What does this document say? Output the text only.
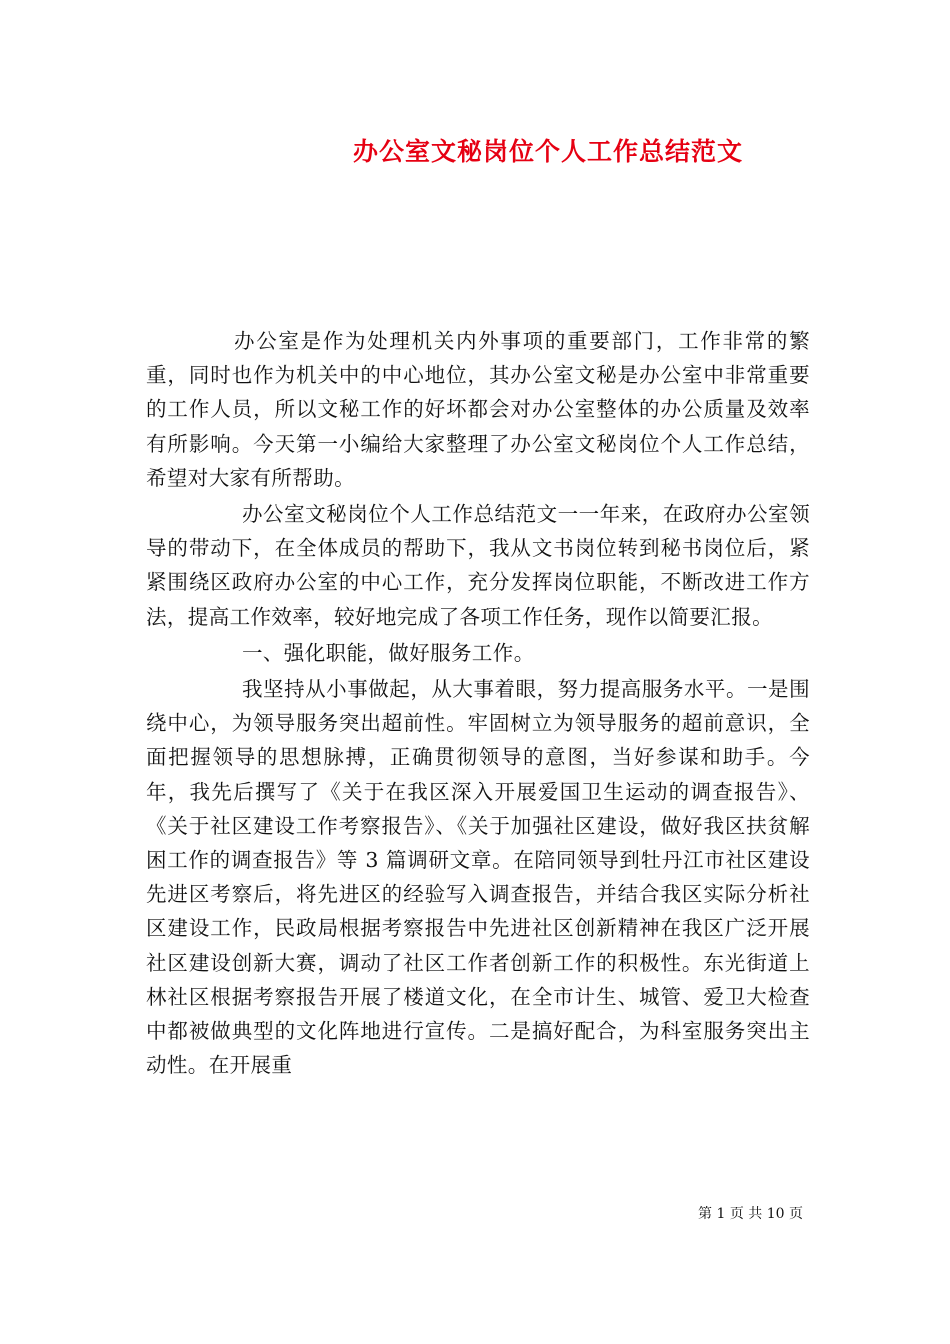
办公室文秘岗位个人工作总结范文

办公室是作为处理机关内外事项的重要部门，工作非常的繁重，同时也作为机关中的中心地位，其办公室文秘是办公室中非常重要的工作人员，所以文秘工作的好坏都会对办公室整体的办公质量及效率有所影响。今天第一小编给大家整理了办公室文秘岗位个人工作总结，希望对大家有所帮助。

办公室文秘岗位个人工作总结范文一一年来，在政府办公室领导的带动下，在全体成员的帮助下，我从文书岗位转到秘书岗位后，紧紧围绕区政府办公室的中心工作，充分发挥岗位职能，不断改进工作方法，提高工作效率，较好地完成了各项工作任务，现作以简要汇报。

一、强化职能，做好服务工作。

我坚持从小事做起，从大事着眼，努力提高服务水平。一是围绕中心，为领导服务突出超前性。牢固树立为领导服务的超前意识，全面把握领导的思想脉搏，正确贯彻领导的意图，当好参谋和助手。今年，我先后撰写了《关于在我区深入开展爱国卫生运动的调查报告》、《关于社区建设工作考察报告》、《关于加强社区建设，做好我区扶贫解困工作的调查报告》等 3 篇调研文章。在陪同领导到牡丹江市社区建设先进区考察后，将先进区的经验写入调查报告，并结合我区实际分析社区建设工作，民政局根据考察报告中先进社区创新精神在我区广泛开展社区建设创新大赛，调动了社区工作者创新工作的积极性。东光街道上林社区根据考察报告开展了楼道文化，在全市计生、城管、爱卫大检查中都被做典型的文化阵地进行宣传。二是搞好配合，为科室服务突出主动性。在开展重

第 1 页 共 10 页
